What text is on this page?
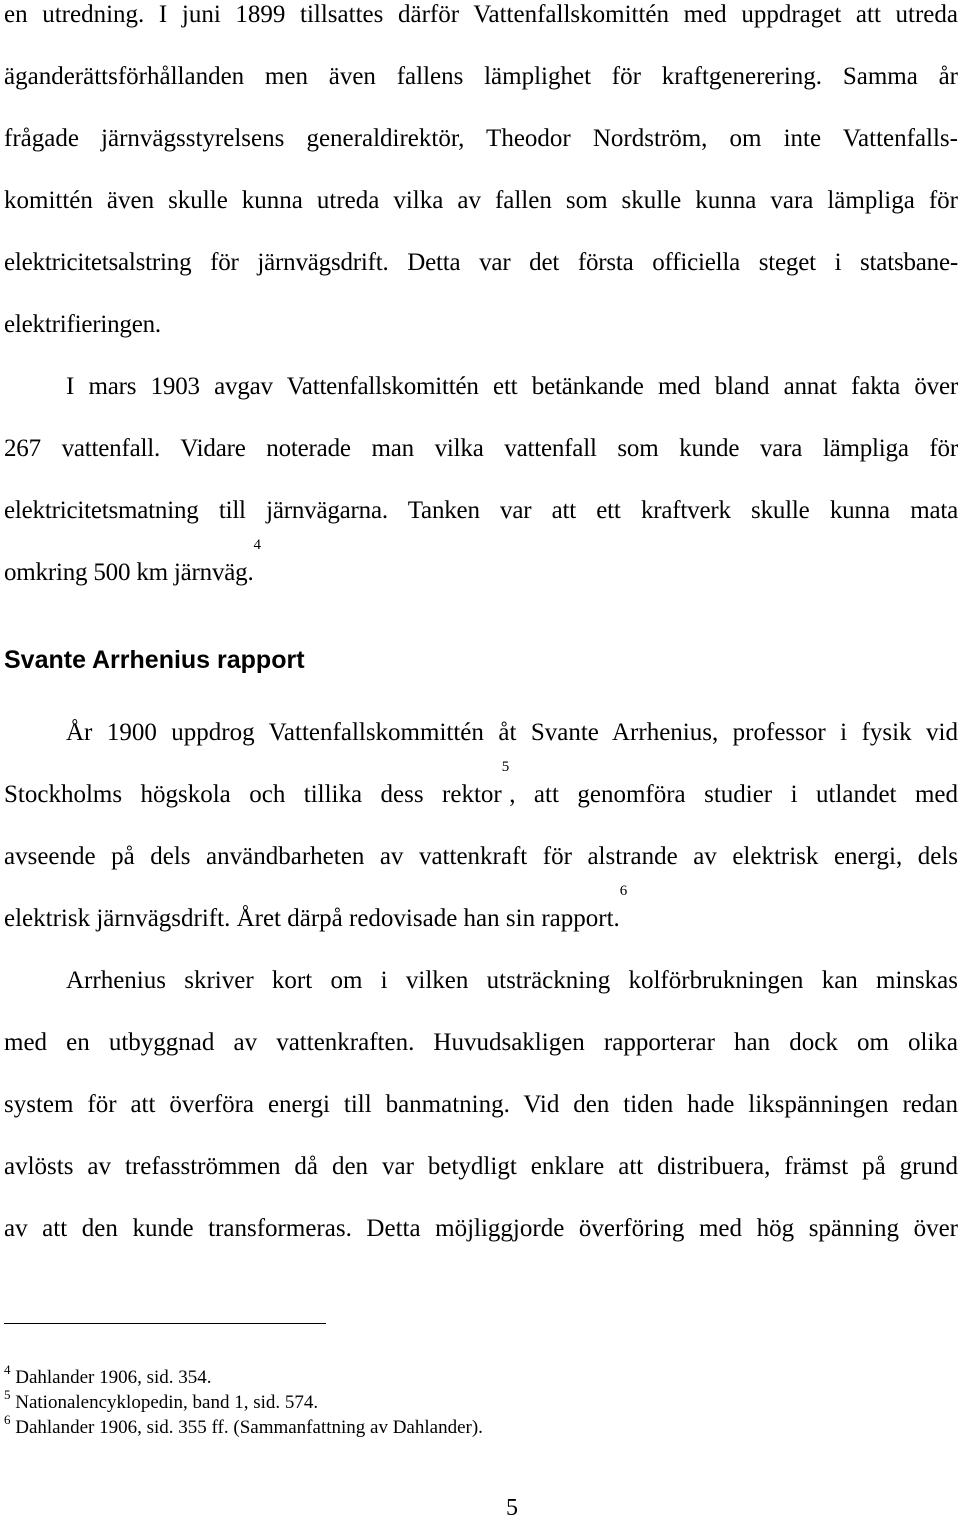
en utredning. I juni 1899 tillsattes därför Vattenfallskomittén med uppdraget att utreda
äganderättsförhållanden men även fallens lämplighet för kraftgenerering. Samma år
frågade järnvägsstyrelsens generaldirektör, Theodor Nordström, om inte Vattenfalls-
komittén även skulle kunna utreda vilka av fallen som skulle kunna vara lämpliga för
elektricitetsalstring för järnvägsdrift. Detta var det första officiella steget i statsbane-
elektrifieringen.
I mars 1903 avgav Vattenfallskomittén ett betänkande med bland annat fakta över
267 vattenfall. Vidare noterade man vilka vattenfall som kunde vara lämpliga för
elektricitetsmatning till järnvägarna. Tanken var att ett kraftverk skulle kunna mata
omkring 500 km järnväg.$^4$
Svante Arrhenius rapport
År 1900 uppdrog Vattenfallskommittén åt Svante Arrhenius, professor i fysik vid
Stockholms högskola och tillika dess rektor$^5$, att genomföra studier i utlandet med
avseende på dels användbarheten av vattenkraft för alstrande av elektrisk energi, dels
elektrisk järnvägsdrift. Året därpå redovisade han sin rapport.$^6$
Arrhenius skriver kort om i vilken utsträckning kolförbrukningen kan minskas
med en utbyggnad av vattenkraften. Huvudsakligen rapporterar han dock om olika
system för att överföra energi till banmatning. Vid den tiden hade likspänningen redan
avlösts av trefasströmmen då den var betydligt enklare att distribuera, främst på grund
av att den kunde transformeras. Detta möjliggjorde överföring med hög spänning över
$^4$ Dahlander 1906, sid. 354.
$^5$ Nationalencyklopedin, band 1, sid. 574.
$^6$ Dahlander 1906, sid. 355 ff. (Sammanfattning av Dahlander).
5
